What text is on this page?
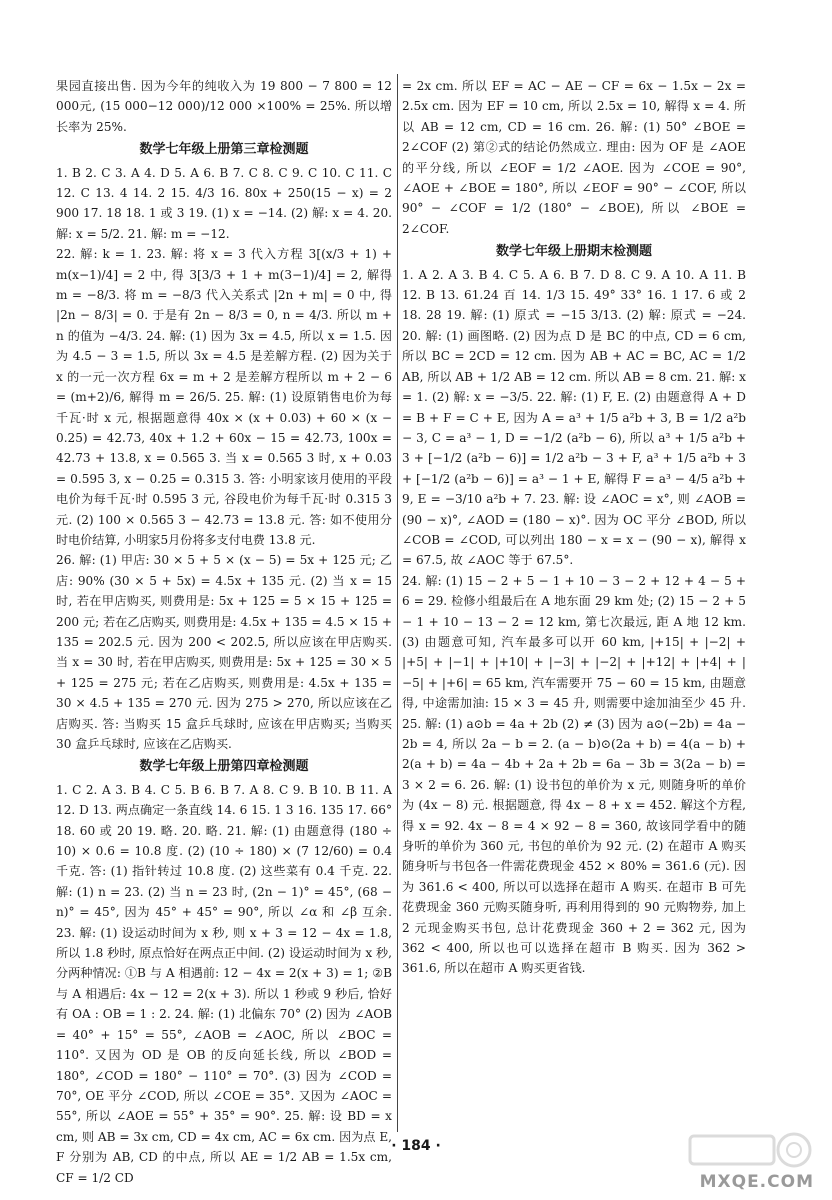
果园直接出售. 因为今年的纯收入为 19 800 − 7 800 = 12 000元, (15 000−12 000)/12 000 ×100% = 25%. 所以增长率为 25%.

数学七年级上册第三章检测题

1. B 2. C 3. A 4. D 5. A 6. B 7. C 8. C 9. C 10. C 11. C 12. C 13. 4 14. 2 15. 4/3 16. 80x + 250(15 − x) = 2 900 17. 18 18. 1 或 3 19. (1) x = −14. (2) 解: x = 4. 20. 解: x = 5/2. 21. 解: m = −12.

22. 解: k = 1. 23. 解: 将 x = 3 代入方程 3[(x/3 + 1) + m(x−1)/4] = 2 中, 得 3[3/3 + 1 + m(3−1)/4] = 2, 解得 m = −8/3. 将 m = −8/3 代入关系式 |2n + m| = 0 中, 得 |2n − 8/3| = 0. 于是有 2n − 8/3 = 0, n = 4/3. 所以 m + n 的值为 −4/3. 24. 解: (1) 因为 3x = 4.5, 所以 x = 1.5. 因为 4.5 − 3 = 1.5, 所以 3x = 4.5 是差解方程. (2) 因为关于 x 的一元一次方程 6x = m + 2 是差解方程所以 m + 2 − 6 = (m+2)/6, 解得 m = 26/5. 25. 解: (1) 设原销售电价为每千瓦·时 x 元, 根据题意得 40x × (x + 0.03) + 60 × (x − 0.25) = 42.73, 40x + 1.2 + 60x − 15 = 42.73, 100x = 42.73 + 13.8, x = 0.565 3. 当 x = 0.565 3 时, x + 0.03 = 0.595 3, x − 0.25 = 0.315 3. 答: 小明家该月使用的平段电价为每千瓦·时 0.595 3 元, 谷段电价为每千瓦·时 0.315 3 元. (2) 100 × 0.565 3 − 42.73 = 13.8 元. 答: 如不使用分时电价结算, 小明家5月份将多支付电费 13.8 元.

26. 解: (1) 甲店: 30 × 5 + 5 × (x − 5) = 5x + 125 元; 乙店: 90% (30 × 5 + 5x) = 4.5x + 135 元. (2) 当 x = 15 时, 若在甲店购买, 则费用是: 5x + 125 = 5 × 15 + 125 = 200 元; 若在乙店购买, 则费用是: 4.5x + 135 = 4.5 × 15 + 135 = 202.5 元. 因为 200 < 202.5, 所以应该在甲店购买. 当 x = 30 时, 若在甲店购买, 则费用是: 5x + 125 = 30 × 5 + 125 = 275 元; 若在乙店购买, 则费用是: 4.5x + 135 = 30 × 4.5 + 135 = 270 元. 因为 275 > 270, 所以应该在乙店购买. 答: 当购买 15 盒乒乓球时, 应该在甲店购买; 当购买 30 盒乒乓球时, 应该在乙店购买.

数学七年级上册第四章检测题

1. C 2. A 3. B 4. C 5. B 6. B 7. A 8. C 9. B 10. B 11. A 12. D 13. 两点确定一条直线 14. 6 15. 1 3 16. 135 17. 66° 18. 60 或 20 19. 略. 20. 略. 21. 解: (1) 由题意得 (180 ÷ 10) × 0.6 = 10.8 度. (2) (10 ÷ 180) × (7 12/60) = 0.4 千克. 答: (1) 指针转过 10.8 度. (2) 这些菜有 0.4 千克. 22. 解: (1) n = 23. (2) 当 n = 23 时, (2n − 1)° = 45°, (68 − n)° = 45°, 因为 45° + 45° = 90°, 所以 ∠α 和 ∠β 互余. 23. 解: (1) 设运动时间为 x 秒, 则 x + 3 = 12 − 4x = 1.8, 所以 1.8 秒时, 原点恰好在两点正中间. (2) 设运动时间为 x 秒, 分两种情况: ①B 与 A 相遇前: 12 − 4x = 2(x + 3) = 1; ②B 与 A 相遇后: 4x − 12 = 2(x + 3). 所以 1 秒或 9 秒后, 恰好有 OA : OB = 1 : 2. 24. 解: (1) 北偏东 70° (2) 因为 ∠AOB = 40° + 15° = 55°, ∠AOB = ∠AOC, 所以 ∠BOC = 110°. 又因为 OD 是 OB 的反向延长线, 所以 ∠BOD = 180°, ∠COD = 180° − 110° = 70°. (3) 因为 ∠COD = 70°, OE 平分 ∠COD, 所以 ∠COE = 35°. 又因为 ∠AOC = 55°, 所以 ∠AOE = 55° + 35° = 90°. 25. 解: 设 BD = x cm, 则 AB = 3x cm, CD = 4x cm, AC = 6x cm. 因为点 E, F 分别为 AB, CD 的中点, 所以 AE = 1/2 AB = 1.5x cm, CF = 1/2 CD

= 2x cm. 所以 EF = AC − AE − CF = 6x − 1.5x − 2x = 2.5x cm. 因为 EF = 10 cm, 所以 2.5x = 10, 解得 x = 4. 所以 AB = 12 cm, CD = 16 cm. 26. 解: (1) 50° ∠BOE = 2∠COF (2) 第②式的结论仍然成立. 理由: 因为 OF 是 ∠AOE 的平分线, 所以 ∠EOF = 1/2 ∠AOE. 因为 ∠COE = 90°, ∠AOE + ∠BOE = 180°, 所以 ∠EOF = 90° − ∠COF, 所以 90° − ∠COF = 1/2 (180° − ∠BOE), 所以 ∠BOE = 2∠COF.

数学七年级上册期末检测题

1. A 2. A 3. B 4. C 5. A 6. B 7. D 8. C 9. A 10. A 11. B 12. B 13. 61.24 百 14. 1/3 15. 49° 33° 16. 1 17. 6 或 2 18. 28 19. 解: (1) 原式 = −15 3/13. (2) 解: 原式 = −24. 20. 解: (1) 画图略. (2) 因为点 D 是 BC 的中点, CD = 6 cm, 所以 BC = 2CD = 12 cm. 因为 AB + AC = BC, AC = 1/2 AB, 所以 AB + 1/2 AB = 12 cm. 所以 AB = 8 cm. 21. 解: x = 1. (2) 解: x = −3/5. 22. 解: (1) F, E. (2) 由题意得 A + D = B + F = C + E, 因为 A = a³ + 1/5 a²b + 3, B = 1/2 a²b − 3, C = a³ − 1, D = −1/2 (a²b − 6), 所以 a³ + 1/5 a²b + 3 + [−1/2 (a²b − 6)] = 1/2 a²b − 3 + F, a³ + 1/5 a²b + 3 + [−1/2 (a²b − 6)] = a³ − 1 + E, 解得 F = a³ − 4/5 a²b + 9, E = −3/10 a²b + 7. 23. 解: 设 ∠AOC = x°, 则 ∠AOB = (90 − x)°, ∠AOD = (180 − x)°. 因为 OC 平分 ∠BOD, 所以 ∠COB = ∠COD, 可以列出 180 − x = x − (90 − x), 解得 x = 67.5, 故 ∠AOC 等于 67.5°.

24. 解: (1) 15 − 2 + 5 − 1 + 10 − 3 − 2 + 12 + 4 − 5 + 6 = 29. 检修小组最后在 A 地东面 29 km 处; (2) 15 − 2 + 5 − 1 + 10 − 13 − 2 = 12 km, 第七次最远, 距 A 地 12 km. (3) 由题意可知, 汽车最多可以开 60 km, |+15| + |−2| + |+5| + |−1| + |+10| + |−3| + |−2| + |+12| + |+4| + |−5| + |+6| = 65 km, 汽车需要开 75 − 60 = 15 km, 由题意得, 中途需加油: 15 × 3 = 45 升, 则需要中途加油至少 45 升. 25. 解: (1) a⊙b = 4a + 2b (2) ≠ (3) 因为 a⊙(−2b) = 4a − 2b = 4, 所以 2a − b = 2. (a − b)⊙(2a + b) = 4(a − b) + 2(a + b) = 4a − 4b + 2a + 2b = 6a − 3b = 3(2a − b) = 3 × 2 = 6. 26. 解: (1) 设书包的单价为 x 元, 则随身听的单价为 (4x − 8) 元. 根据题意, 得 4x − 8 + x = 452. 解这个方程, 得 x = 92. 4x − 8 = 4 × 92 − 8 = 360, 故该同学看中的随身听的单价为 360 元, 书包的单价为 92 元. (2) 在超市 A 购买随身听与书包各一件需花费现金 452 × 80% = 361.6 (元). 因为 361.6 < 400, 所以可以选择在超市 A 购买. 在超市 B 可先花费现金 360 元购买随身听, 再利用得到的 90 元购物券, 加上 2 元现金购买书包, 总计花费现金 360 + 2 = 362 元, 因为 362 < 400, 所以也可以选择在超市 B 购买. 因为 362 > 361.6, 所以在超市 A 购买更省钱.

· 184 ·
MXQE.COM
